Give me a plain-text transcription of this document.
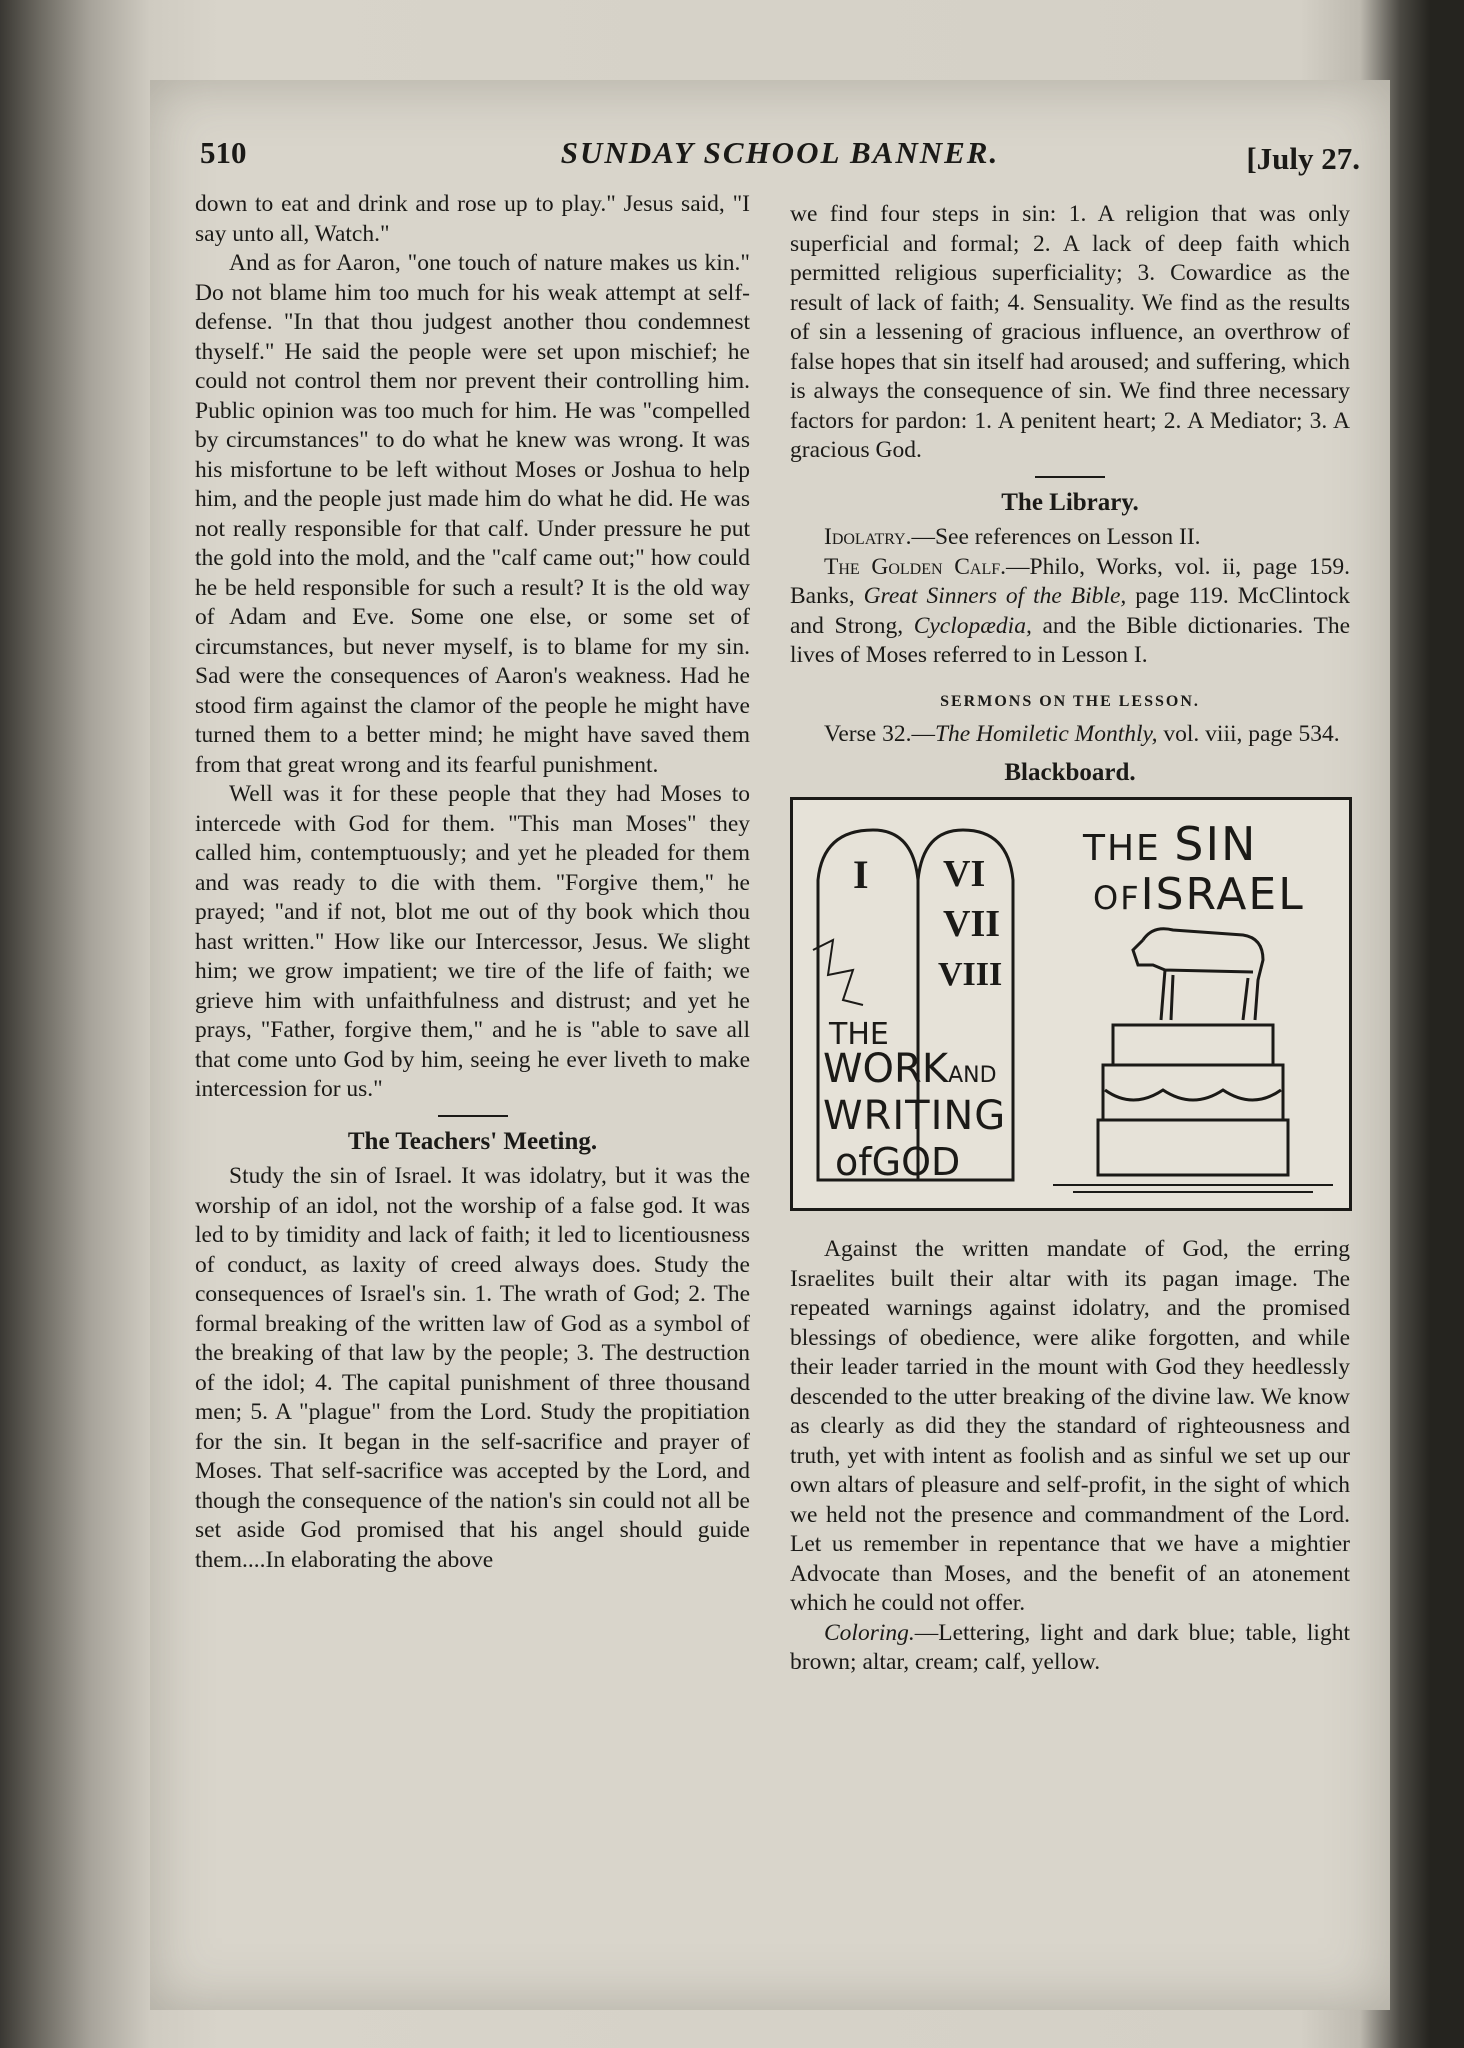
510	SUNDAY SCHOOL BANNER.	[July 27.

down to eat and drink and rose up to play." Jesus said, "I say unto all, Watch."

And as for Aaron, "one touch of nature makes us kin." Do not blame him too much for his weak attempt at self-defense. "In that thou judgest another thou condemnest thyself." He said the people were set upon mischief; he could not control them nor prevent their controlling him. Public opinion was too much for him. He was "compelled by circumstances" to do what he knew was wrong. It was his misfortune to be left without Moses or Joshua to help him, and the people just made him do what he did. He was not really responsible for that calf. Under pressure he put the gold into the mold, and the "calf came out;" how could he be held responsible for such a result? It is the old way of Adam and Eve. Some one else, or some set of circumstances, but never myself, is to blame for my sin. Sad were the consequences of Aaron's weakness. Had he stood firm against the clamor of the people he might have turned them to a better mind; he might have saved them from that great wrong and its fearful punishment.

Well was it for these people that they had Moses to intercede with God for them. "This man Moses" they called him, contemptuously; and yet he pleaded for them and was ready to die with them. "Forgive them," he prayed; "and if not, blot me out of thy book which thou hast written." How like our Intercessor, Jesus. We slight him; we grow impatient; we tire of the life of faith; we grieve him with unfaithfulness and distrust; and yet he prays, "Father, forgive them," and he is "able to save all that come unto God by him, seeing he ever liveth to make intercession for us."

The Teachers' Meeting.

Study the sin of Israel. It was idolatry, but it was the worship of an idol, not the worship of a false god. It was led to by timidity and lack of faith; it led to licentiousness of conduct, as laxity of creed always does. Study the consequences of Israel's sin. 1. The wrath of God; 2. The formal breaking of the written law of God as a symbol of the breaking of that law by the people; 3. The destruction of the idol; 4. The capital punishment of three thousand men; 5. A "plague" from the Lord. Study the propitiation for the sin. It began in the self-sacrifice and prayer of Moses. That self-sacrifice was accepted by the Lord, and though the consequence of the nation's sin could not all be set aside God promised that his angel should guide them....In elaborating the above

we find four steps in sin: 1. A religion that was only superficial and formal; 2. A lack of deep faith which permitted religious superficiality; 3. Cowardice as the result of lack of faith; 4. Sensuality. We find as the results of sin a lessening of gracious influence, an overthrow of false hopes that sin itself had aroused; and suffering, which is always the consequence of sin. We find three necessary factors for pardon: 1. A penitent heart; 2. A Mediator; 3. A gracious God.

The Library.

Idolatry.—See references on Lesson II.

The Golden Calf.—Philo, Works, vol. ii, page 159. Banks, Great Sinners of the Bible, page 119. McClintock and Strong, Cyclopædia, and the Bible dictionaries. The lives of Moses referred to in Lesson I.

SERMONS ON THE LESSON.

Verse 32.—The Homiletic Monthly, vol. viii, page 534.

Blackboard.
THE SIN
OFISRAEL
I VI
VII
VIII
THE
WORKAND
WRITING
ofGOD

Against the written mandate of God, the erring Israelites built their altar with its pagan image. The repeated warnings against idolatry, and the promised blessings of obedience, were alike forgotten, and while their leader tarried in the mount with God they heedlessly descended to the utter breaking of the divine law. We know as clearly as did they the standard of righteousness and truth, yet with intent as foolish and as sinful we set up our own altars of pleasure and self-profit, in the sight of which we held not the presence and commandment of the Lord. Let us remember in repentance that we have a mightier Advocate than Moses, and the benefit of an atonement which he could not offer.

Coloring.—Lettering, light and dark blue; table, light brown; altar, cream; calf, yellow.
